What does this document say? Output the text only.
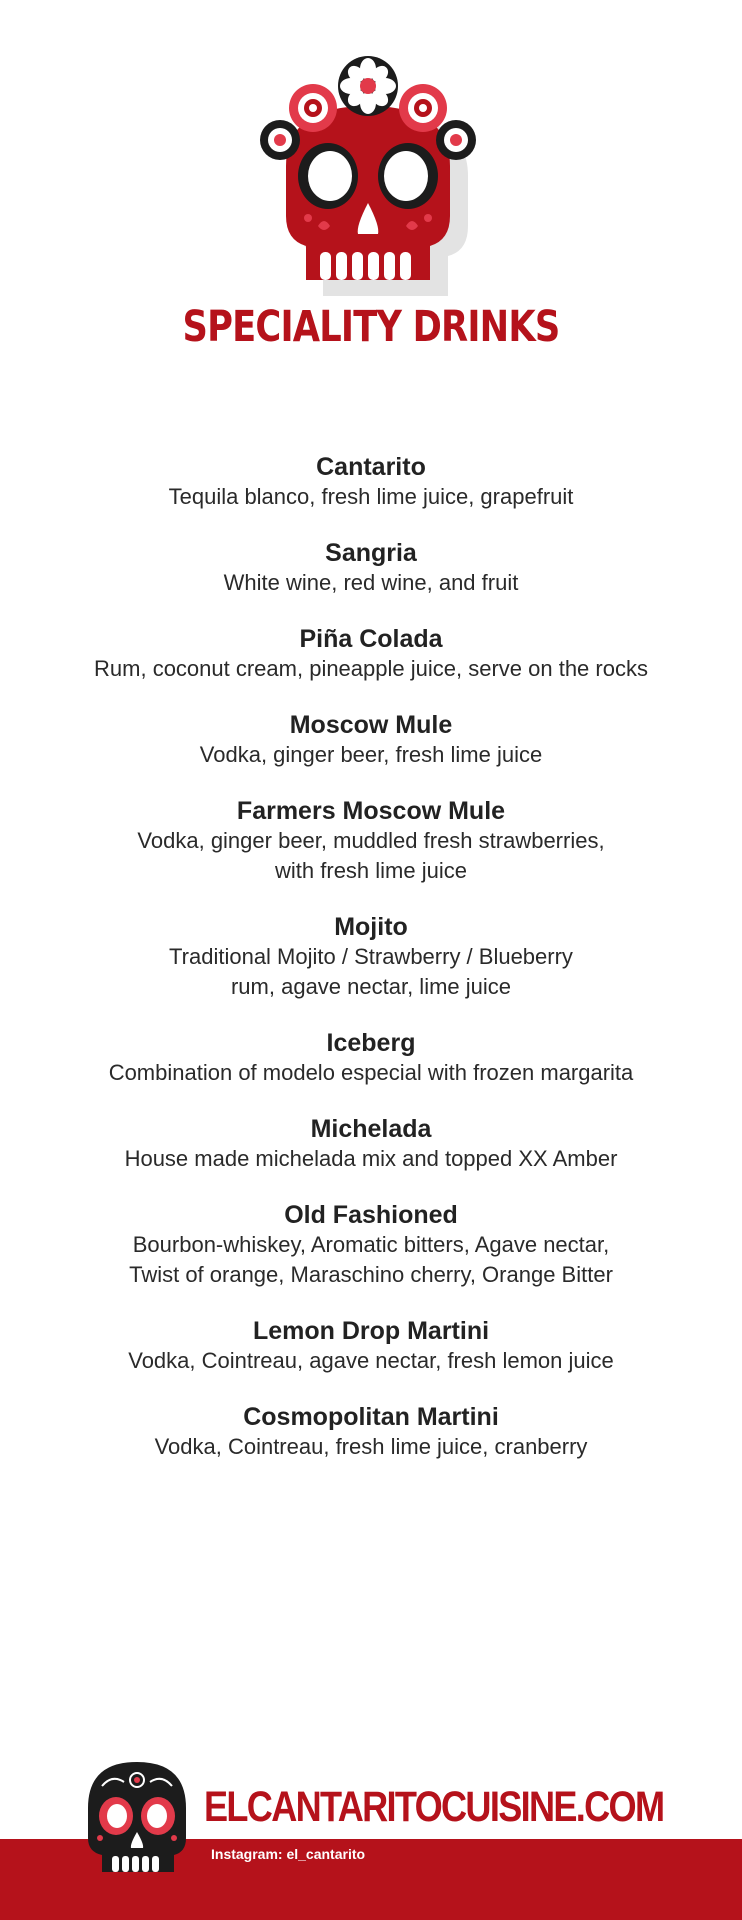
SPECIALITY DRINKS
Cantarito
Tequila blanco, fresh lime juice, grapefruit
Sangria
White wine, red wine, and fruit
Piña Colada
Rum, coconut cream, pineapple juice, serve on the rocks
Moscow Mule
Vodka, ginger beer, fresh lime juice
Farmers Moscow Mule
Vodka, ginger beer, muddled fresh strawberries,
with fresh lime juice
Mojito
Traditional Mojito / Strawberry / Blueberry
rum, agave nectar, lime juice
Iceberg
Combination of modelo especial with frozen margarita
Michelada
House made michelada mix and topped XX Amber
Old Fashioned
Bourbon-whiskey, Aromatic bitters, Agave nectar,
Twist of orange, Maraschino cherry, Orange Bitter
Lemon Drop Martini
Vodka, Cointreau, agave nectar, fresh lemon juice
Cosmopolitan Martini
Vodka, Cointreau, fresh lime juice, cranberry
ELCANTARITOCUISINE.COM
Instagram: el_cantarito
